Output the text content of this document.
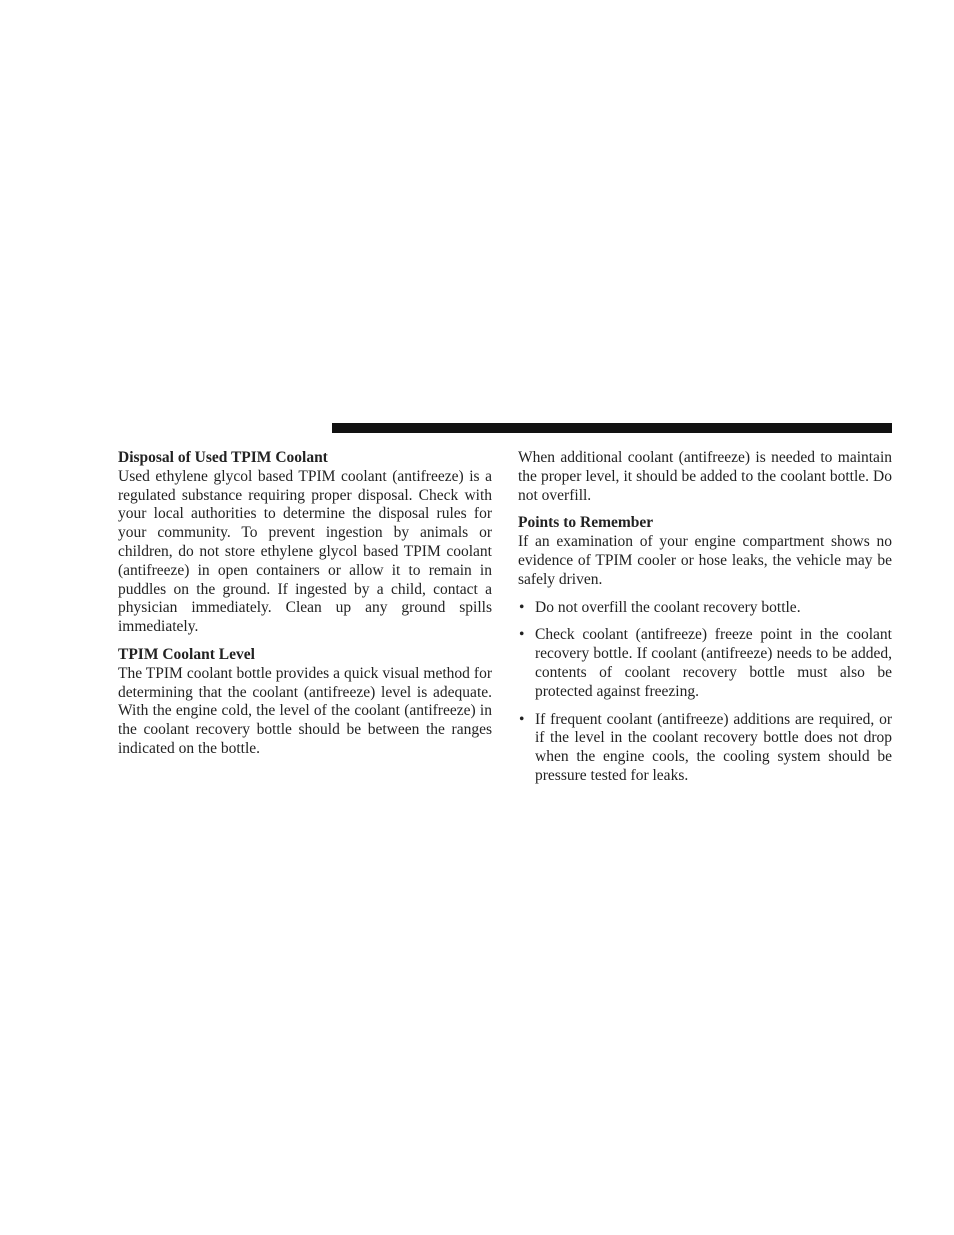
Disposal of Used TPIM Coolant

Used ethylene glycol based TPIM coolant (antifreeze) is a regulated substance requiring proper disposal. Check with your local authorities to determine the disposal rules for your community. To prevent ingestion by animals or children, do not store ethylene glycol based TPIM coolant (antifreeze) in open containers or allow it to remain in puddles on the ground. If ingested by a child, contact a physician immediately. Clean up any ground spills immediately.

TPIM Coolant Level

The TPIM coolant bottle provides a quick visual method for determining that the coolant (antifreeze) level is adequate. With the engine cold, the level of the coolant (antifreeze) in the coolant recovery bottle should be between the ranges indicated on the bottle.

When additional coolant (antifreeze) is needed to maintain the proper level, it should be added to the coolant bottle. Do not overfill.

Points to Remember

If an examination of your engine compartment shows no evidence of TPIM cooler or hose leaks, the vehicle may be safely driven.

• Do not overfill the coolant recovery bottle.
• Check coolant (antifreeze) freeze point in the coolant recovery bottle. If coolant (antifreeze) needs to be added, contents of coolant recovery bottle must also be protected against freezing.
• If frequent coolant (antifreeze) additions are required, or if the level in the coolant recovery bottle does not drop when the engine cools, the cooling system should be pressure tested for leaks.
